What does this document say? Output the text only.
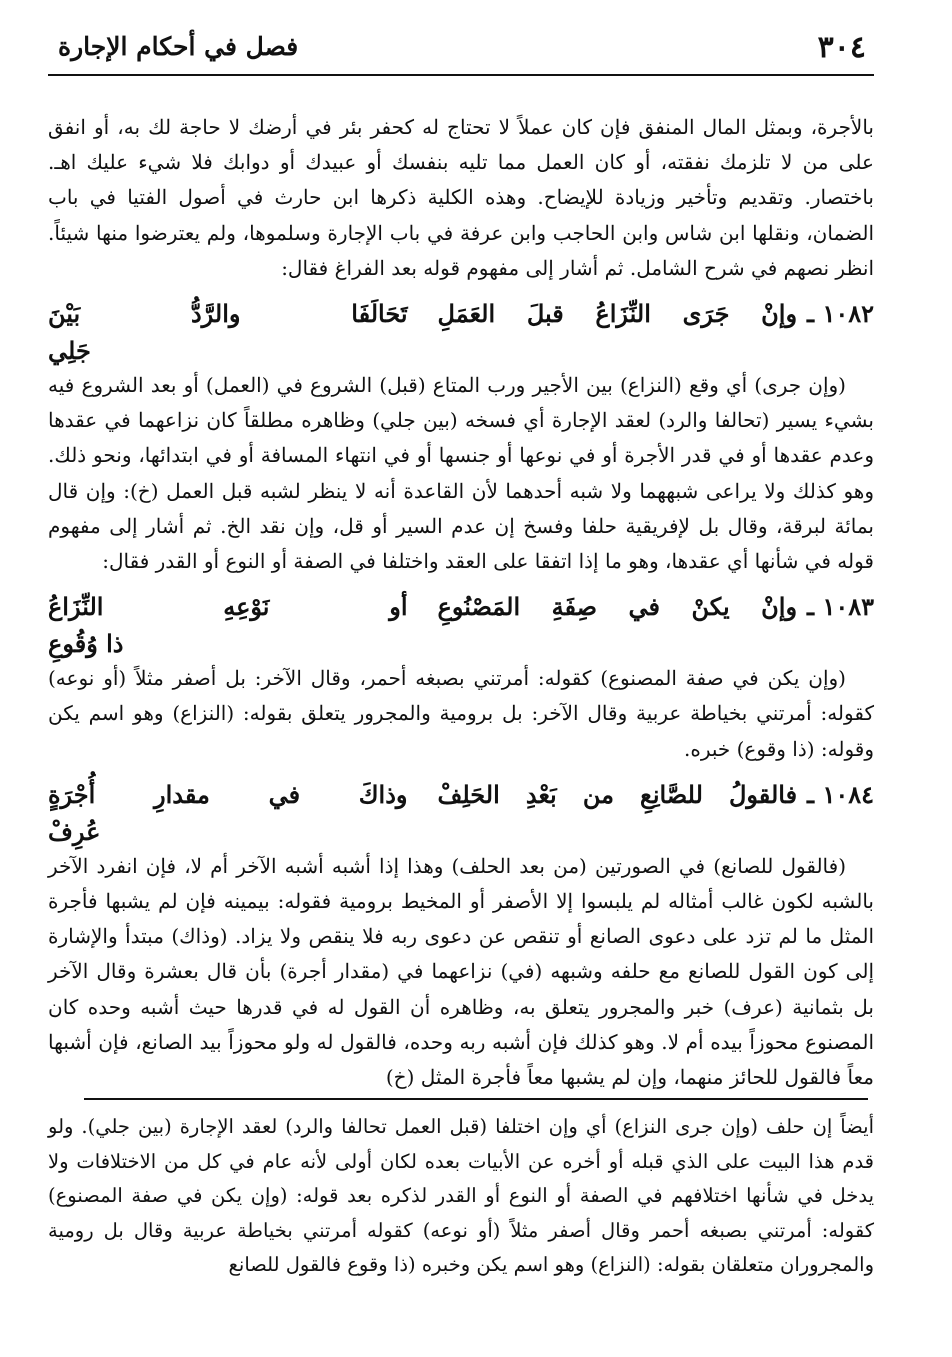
٣٠٤
فصل في أحكام الإجارة

بالأجرة، وبمثل المال المنفق فإن كان عملاً لا تحتاج له كحفر بئر في أرضك لا حاجة لك به، أو انفق على من لا تلزمك نفقته، أو كان العمل مما تليه بنفسك أو عبيدك أو دوابك فلا شيء عليك اهـ. باختصار. وتقديم وتأخير وزيادة للإيضاح. وهذه الكلية ذكرها ابن حارث في أصول الفتيا في باب الضمان، ونقلها ابن شاس وابن الحاجب وابن عرفة في باب الإجارة وسلموها، ولم يعترضوا منها شيئاً. انظر نصهم في شرح الشامل. ثم أشار إلى مفهوم قوله بعد الفراغ فقال:

١٠٨٢ ـ
وإنْ جَرَى النِّزَاعُ قبلَ العَمَلِ
تَحَالَفَا والرَّدُّ بَيْنَ

جَلِي

(وإن جرى) أي وقع (النزاع) بين الأجير ورب المتاع (قبل) الشروع في (العمل) أو بعد الشروع فيه بشيء يسير (تحالفا والرد) لعقد الإجارة أي فسخه (بين جلي) وظاهره مطلقاً كان نزاعهما في عقدها وعدم عقدها أو في قدر الأجرة أو في نوعها أو جنسها أو في انتهاء المسافة أو في ابتدائها، ونحو ذلك. وهو كذلك ولا يراعى شبههما ولا شبه أحدهما لأن القاعدة أنه لا ينظر لشبه قبل العمل (خ): وإن قال بمائة لبرقة، وقال بل لإفريقية حلفا وفسخ إن عدم السير أو قل، وإن نقد الخ. ثم أشار إلى مفهوم قوله في شأنها أي عقدها، وهو ما إذا اتفقا على العقد واختلفا في الصفة أو النوع أو القدر فقال:

١٠٨٣ ـ
وإنْ يكنْ في صِفَةِ المَصْنُوعِ
أو نَوْعِهِ النِّزَاعُ

ذا وُقُوعِ

(وإن يكن في صفة المصنوع) كقوله: أمرتني بصبغه أحمر، وقال الآخر: بل أصفر مثلاً (أو نوعه) كقوله: أمرتني بخياطة عربية وقال الآخر: بل برومية والمجرور يتعلق بقوله: (النزاع) وهو اسم يكن وقوله: (ذا وقوع) خبره.

١٠٨٤ ـ
فالقولُ للصَّانِعِ من بَعْدِ الحَلِفْ
وذاكَ في مقدارِ أُجْرَةٍ

عُرِفْ

(فالقول للصانع) في الصورتين (من بعد الحلف) وهذا إذا أشبه أشبه الآخر أم لا، فإن انفرد الآخر بالشبه لكون غالب أمثاله لم يلبسوا إلا الأصفر أو المخيط برومية فقوله: بيمينه فإن لم يشبها فأجرة المثل ما لم تزد على دعوى الصانع أو تنقص عن دعوى ربه فلا ينقص ولا يزاد. (وذاك) مبتدأ والإشارة إلى كون القول للصانع مع حلفه وشبهه (في) نزاعهما في (مقدار أجرة) بأن قال بعشرة وقال الآخر بل بثمانية (عرف) خبر والمجرور يتعلق به، وظاهره أن القول له في قدرها حيث أشبه وحده كان المصنوع محوزاً بيده أم لا. وهو كذلك فإن أشبه ربه وحده، فالقول له ولو محوزاً بيد الصانع، فإن أشبها معاً فالقول للحائز منهما، وإن لم يشبها معاً فأجرة المثل (خ)

أيضاً إن حلف (وإن جرى النزاع) أي وإن اختلفا (قبل العمل تحالفا والرد) لعقد الإجارة (بين جلي). ولو قدم هذا البيت على الذي قبله أو أخره عن الأبيات بعده لكان أولى لأنه عام في كل من الاختلافات ولا يدخل في شأنها اختلافهم في الصفة أو النوع أو القدر لذكره بعد قوله: (وإن يكن في صفة المصنوع) كقوله: أمرتني بصبغه أحمر وقال أصفر مثلاً (أو نوعه) كقوله أمرتني بخياطة عربية وقال بل رومية والمجروران متعلقان بقوله: (النزاع) وهو اسم يكن وخبره (ذا وقوع فالقول للصانع
